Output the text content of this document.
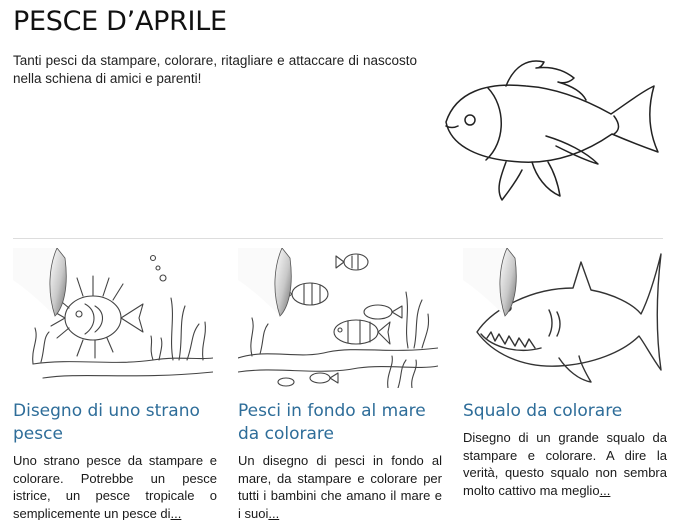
PESCE D’APRILE

Tanti pesci da stampare, colorare, ritagliare e attaccare di nascosto nella schiena di amici e parenti!

Disegno di uno strano pesce

Uno strano pesce da stampare e colorare. Potrebbe un pesce istrice, un pesce tropicale o semplicemente un pesce di...

Pesci in fondo al mare da colorare

Un disegno di pesci in fondo al mare, da stampare e colorare per tutti i bambini che amano il mare e i suoi...

Squalo da colorare

Disegno di un grande squalo da stampare e colorare. A dire la verità, questo squalo non sembra molto cattivo ma meglio...
